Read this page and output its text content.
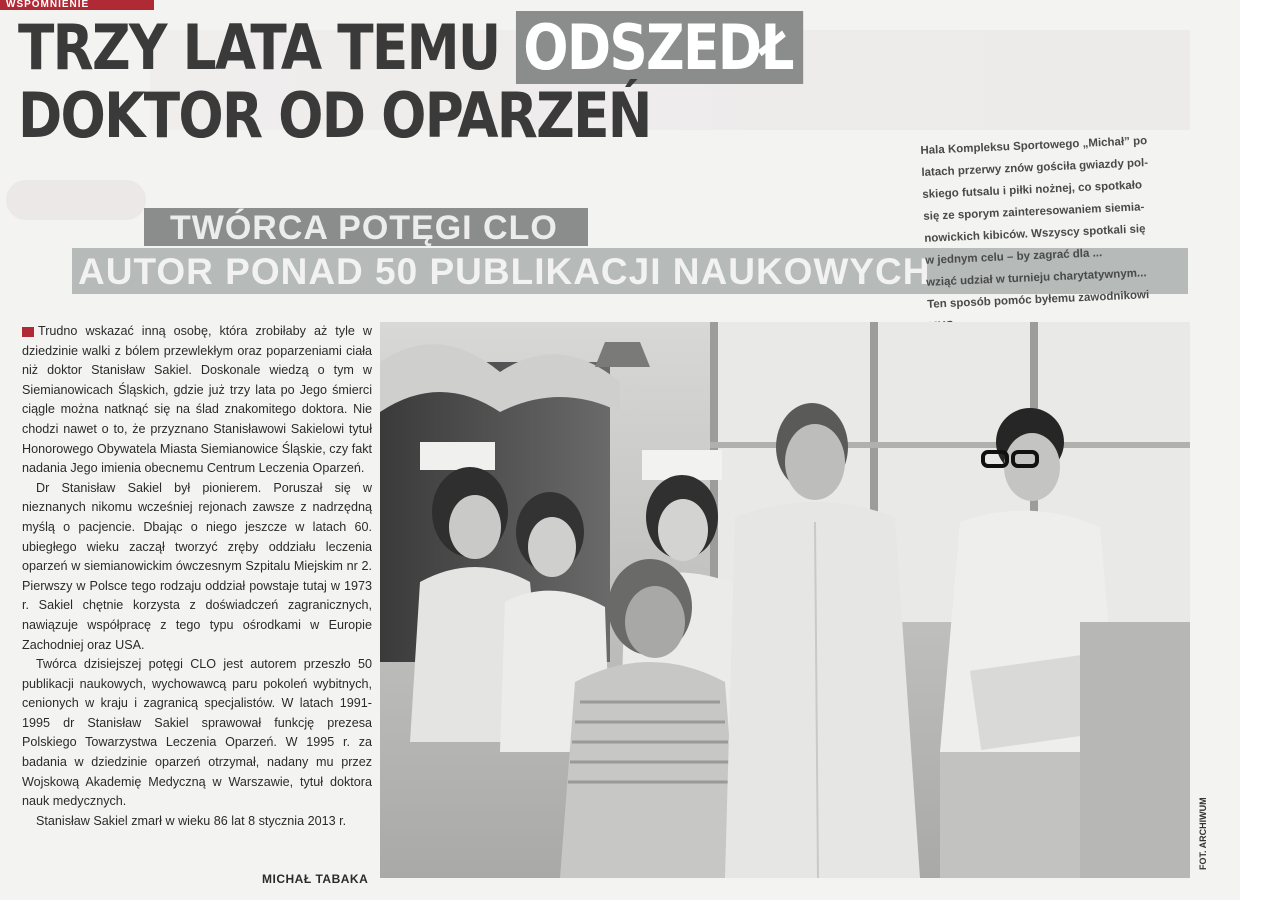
WSPOMNIENIE
TRZY LATA TEMU ODSZEDŁ
DOKTOR OD OPARZEŃ
TWÓRCA POTĘGI CLO
AUTOR PONAD 50 PUBLIKACJI NAUKOWYCH
Hala Kompleksu Sportowego „Michał” po
latach przerwy znów gościła gwiazdy pol-
skiego futsalu i piłki nożnej, co spotkało
się ze sporym zainteresowaniem siemia-
nowickich kibiców. Wszyscy spotkali się
w jednym celu – by zagrać dla ...
wziąć udział w turnieju charytatywnym...
Ten sposób pomóc byłemu zawodnikowi

Trudno wskazać inną osobę, która zrobiłaby aż tyle w dziedzinie walki z bólem przewlekłym oraz poparzeniami ciała niż doktor Stanisław Sakiel. Doskonale wiedzą o tym w Siemianowicach Śląskich, gdzie już trzy lata po Jego śmierci ciągle można natknąć się na ślad znakomitego doktora. Nie chodzi nawet o to, że przyznano Stanisławowi Sakielowi tytuł Honorowego Obywatela Miasta Siemianowice Śląskie, czy fakt nadania Jego imienia obecnemu Centrum Leczenia Oparzeń.

Dr Stanisław Sakiel był pionierem. Poruszał się w nieznanych nikomu wcześniej rejonach zawsze z nadrzędną myślą o pacjencie. Dbając o niego jeszcze w latach 60. ubiegłego wieku zaczął tworzyć zręby oddziału leczenia oparzeń w siemianowickim ówczesnym Szpitalu Miejskim nr 2. Pierwszy w Polsce tego rodzaju oddział powstaje tutaj w 1973 r. Sakiel chętnie korzysta z doświadczeń zagranicznych, nawiązuje współpracę z tego typu ośrodkami w Europie Zachodniej oraz USA.

Twórca dzisiejszej potęgi CLO jest autorem przeszło 50 publikacji naukowych, wychowawcą paru pokoleń wybitnych, cenionych w kraju i zagranicą specjalistów. W latach 1991-1995 dr Stanisław Sakiel sprawował funkcję prezesa Polskiego Towarzystwa Leczenia Oparzeń. W 1995 r. za badania w dziedzinie oparzeń otrzymał, nadany mu przez Wojskową Akademię Medyczną w Warszawie, tytuł doktora nauk medycznych.

Stanisław Sakiel zmarł w wieku 86 lat 8 stycznia 2013 r.

MICHAŁ TABAKA
FOT. ARCHIWUM
